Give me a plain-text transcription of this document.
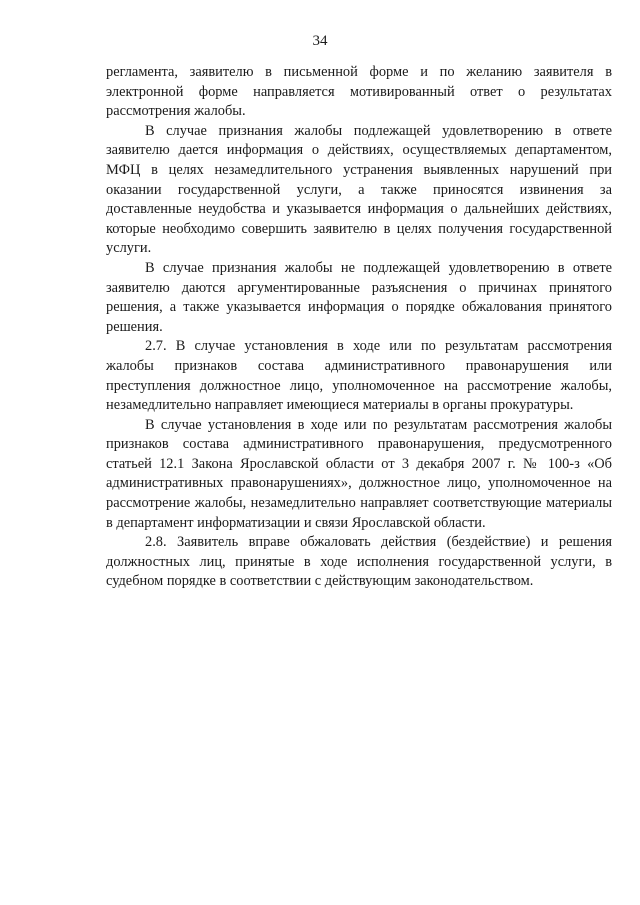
34

регламента, заявителю в письменной форме и по желанию заявителя в электронной форме направляется мотивированный ответ о результатах рассмотрения жалобы.

В случае признания жалобы подлежащей удовлетворению в ответе заявителю дается информация о действиях, осуществляемых департаментом, МФЦ в целях незамедлительного устранения выявленных нарушений при оказании государственной услуги, а также приносятся извинения за доставленные неудобства и указывается информация о дальнейших действиях, которые необходимо совершить заявителю в целях получения государственной услуги.

В случае признания жалобы не подлежащей удовлетворению в ответе заявителю даются аргументированные разъяснения о причинах принятого решения, а также указывается информация о порядке обжалования принятого решения.

2.7. В случае установления в ходе или по результатам рассмотрения жалобы признаков состава административного правонарушения или преступления должностное лицо, уполномоченное на рассмотрение жалобы, незамедлительно направляет имеющиеся материалы в органы прокуратуры.

В случае установления в ходе или по результатам рассмотрения жалобы признаков состава административного правонарушения, предусмотренного статьей 12.1 Закона Ярославской области от 3 декабря 2007 г. № 100-з «Об административных правонарушениях», должностное лицо, уполномоченное на рассмотрение жалобы, незамедлительно направляет соответствующие материалы в департамент информатизации и связи Ярославской области.

2.8. Заявитель вправе обжаловать действия (бездействие) и решения должностных лиц, принятые в ходе исполнения государственной услуги, в судебном порядке в соответствии с действующим законодательством.
